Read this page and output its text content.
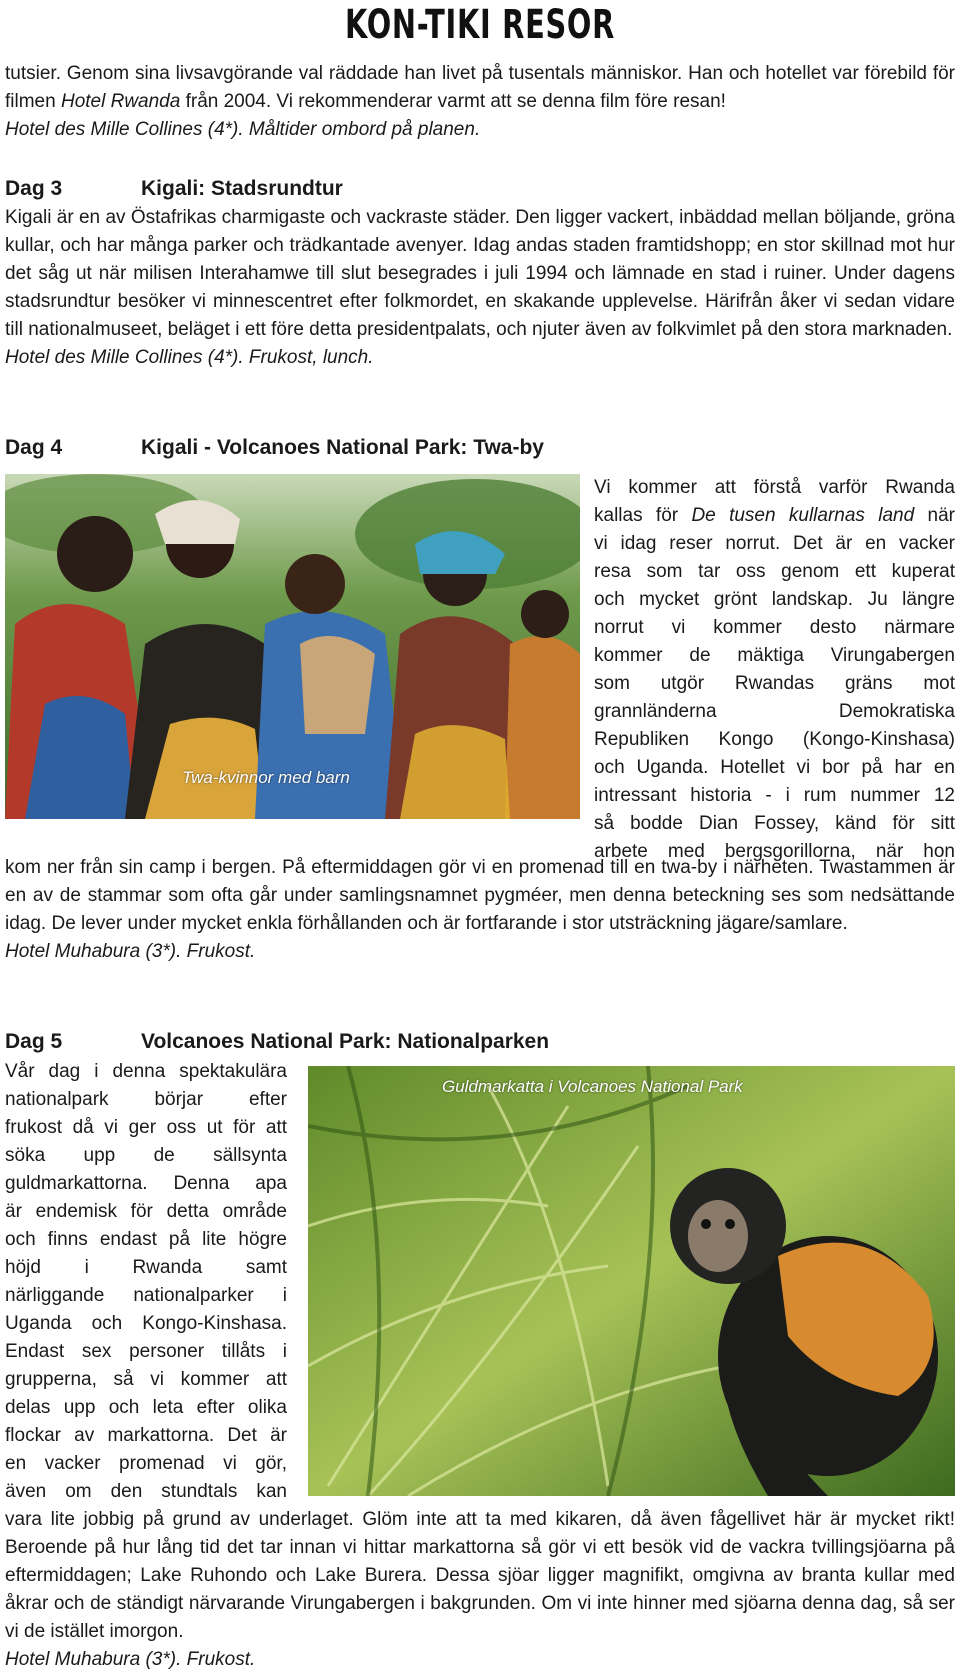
KON-TIKI RESOR

tutsier. Genom sina livsavgörande val räddade han livet på tusentals människor. Han och hotellet var förebild för filmen Hotel Rwanda från 2004. Vi rekommenderar varmt att se denna film före resan!

Hotel des Mille Collines (4*). Måltider ombord på planen.

Dag 3	Kigali: Stadsrundtur

Kigali är en av Östafrikas charmigaste och vackraste städer. Den ligger vackert, inbäddad mellan böljande, gröna kullar, och har många parker och trädkantade avenyer. Idag andas staden framtidshopp; en stor skillnad mot hur det såg ut när milisen Interahamwe till slut besegrades i juli 1994 och lämnade en stad i ruiner. Under dagens stadsrundtur besöker vi minnescentret efter folkmordet, en skakande upplevelse. Härifrån åker vi sedan vidare till nationalmuseet, beläget i ett före detta presidentpalats, och njuter även av folkvimlet på den stora marknaden.

Hotel des Mille Collines (4*). Frukost, lunch.

Dag 4	Kigali - Volcanoes National Park: Twa-by
Twa-kvinnor med barn

Vi kommer att förstå varför Rwanda

kallas för De tusen kullarnas land när

vi idag reser norrut. Det är en vacker

resa som tar oss genom ett kuperat

och mycket grönt landskap. Ju längre

norrut vi kommer desto närmare

kommer de mäktiga Virungabergen

som utgör Rwandas gräns mot

grannländerna Demokratiska

Republiken Kongo (Kongo-Kinshasa)

och Uganda. Hotellet vi bor på har en

intressant historia - i rum nummer 12

så bodde Dian Fossey, känd för sitt

arbete med bergsgorillorna, när hon

kom ner från sin camp i bergen. På eftermiddagen gör vi en promenad till en twa-by i närheten. Twastammen är en av de stammar som ofta går under samlingsnamnet pygméer, men denna beteckning ses som nedsättande idag. De lever under mycket enkla förhållanden och är fortfarande i stor utsträckning jägare/samlare.

Hotel Muhabura (3*). Frukost.

Dag 5	Volcanoes National Park: Nationalparken

Vår dag i denna spektakulära

nationalpark börjar efter

frukost då vi ger oss ut för att

söka upp de sällsynta

guldmarkattorna. Denna apa

är endemisk för detta område

och finns endast på lite högre

höjd i Rwanda samt

närliggande nationalparker i

Uganda och Kongo-Kinshasa.

Endast sex personer tillåts i

grupperna, så vi kommer att

delas upp och leta efter olika

flockar av markattorna. Det är

en vacker promenad vi gör,

även om den stundtals kan

Guldmarkatta i Volcanoes National Park

vara lite jobbig på grund av underlaget. Glöm inte att ta med kikaren, då även fågellivet här är mycket rikt! Beroende på hur lång tid det tar innan vi hittar markattorna så gör vi ett besök vid de vackra tvillingsjöarna på eftermiddagen; Lake Ruhondo och Lake Burera. Dessa sjöar ligger magnifikt, omgivna av branta kullar med åkrar och de ständigt närvarande Virungabergen i bakgrunden. Om vi inte hinner med sjöarna denna dag, så ser vi de istället imorgon.

Hotel Muhabura (3*). Frukost.
